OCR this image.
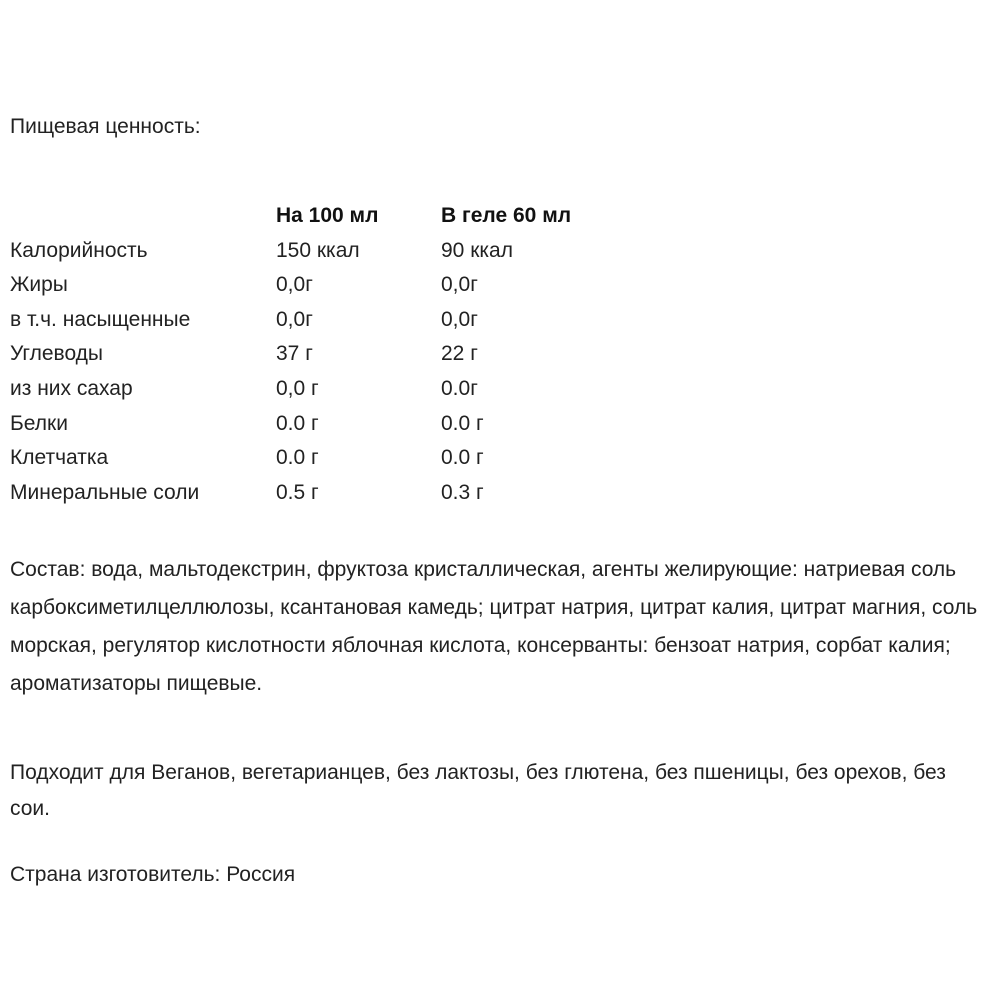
Пищевая ценность:
	На 100 мл	В геле 60 мл
Калорийность	150 ккал	90 ккал
Жиры	0,0г	0,0г
в т.ч. насыщенные	0,0г	0,0г
Углеводы	37 г	22 г
из них сахар	0,0 г	0.0г
Белки	0.0 г	0.0 г
Клетчатка	0.0 г	0.0 г
Минеральные соли	0.5 г	0.3 г

Состав: вода, мальтодекстрин, фруктоза кристаллическая, агенты желирующие: натриевая соль карбоксиметилцеллюлозы, ксантановая камедь; цитрат натрия, цитрат калия, цитрат магния, соль морская, регулятор кислотности яблочная кислота, консерванты: бензоат натрия, сорбат калия; ароматизаторы пищевые.

Подходит для Веганов, вегетарианцев, без лактозы, без глютена, без пшеницы, без орехов, без сои.

Страна изготовитель: Россия
